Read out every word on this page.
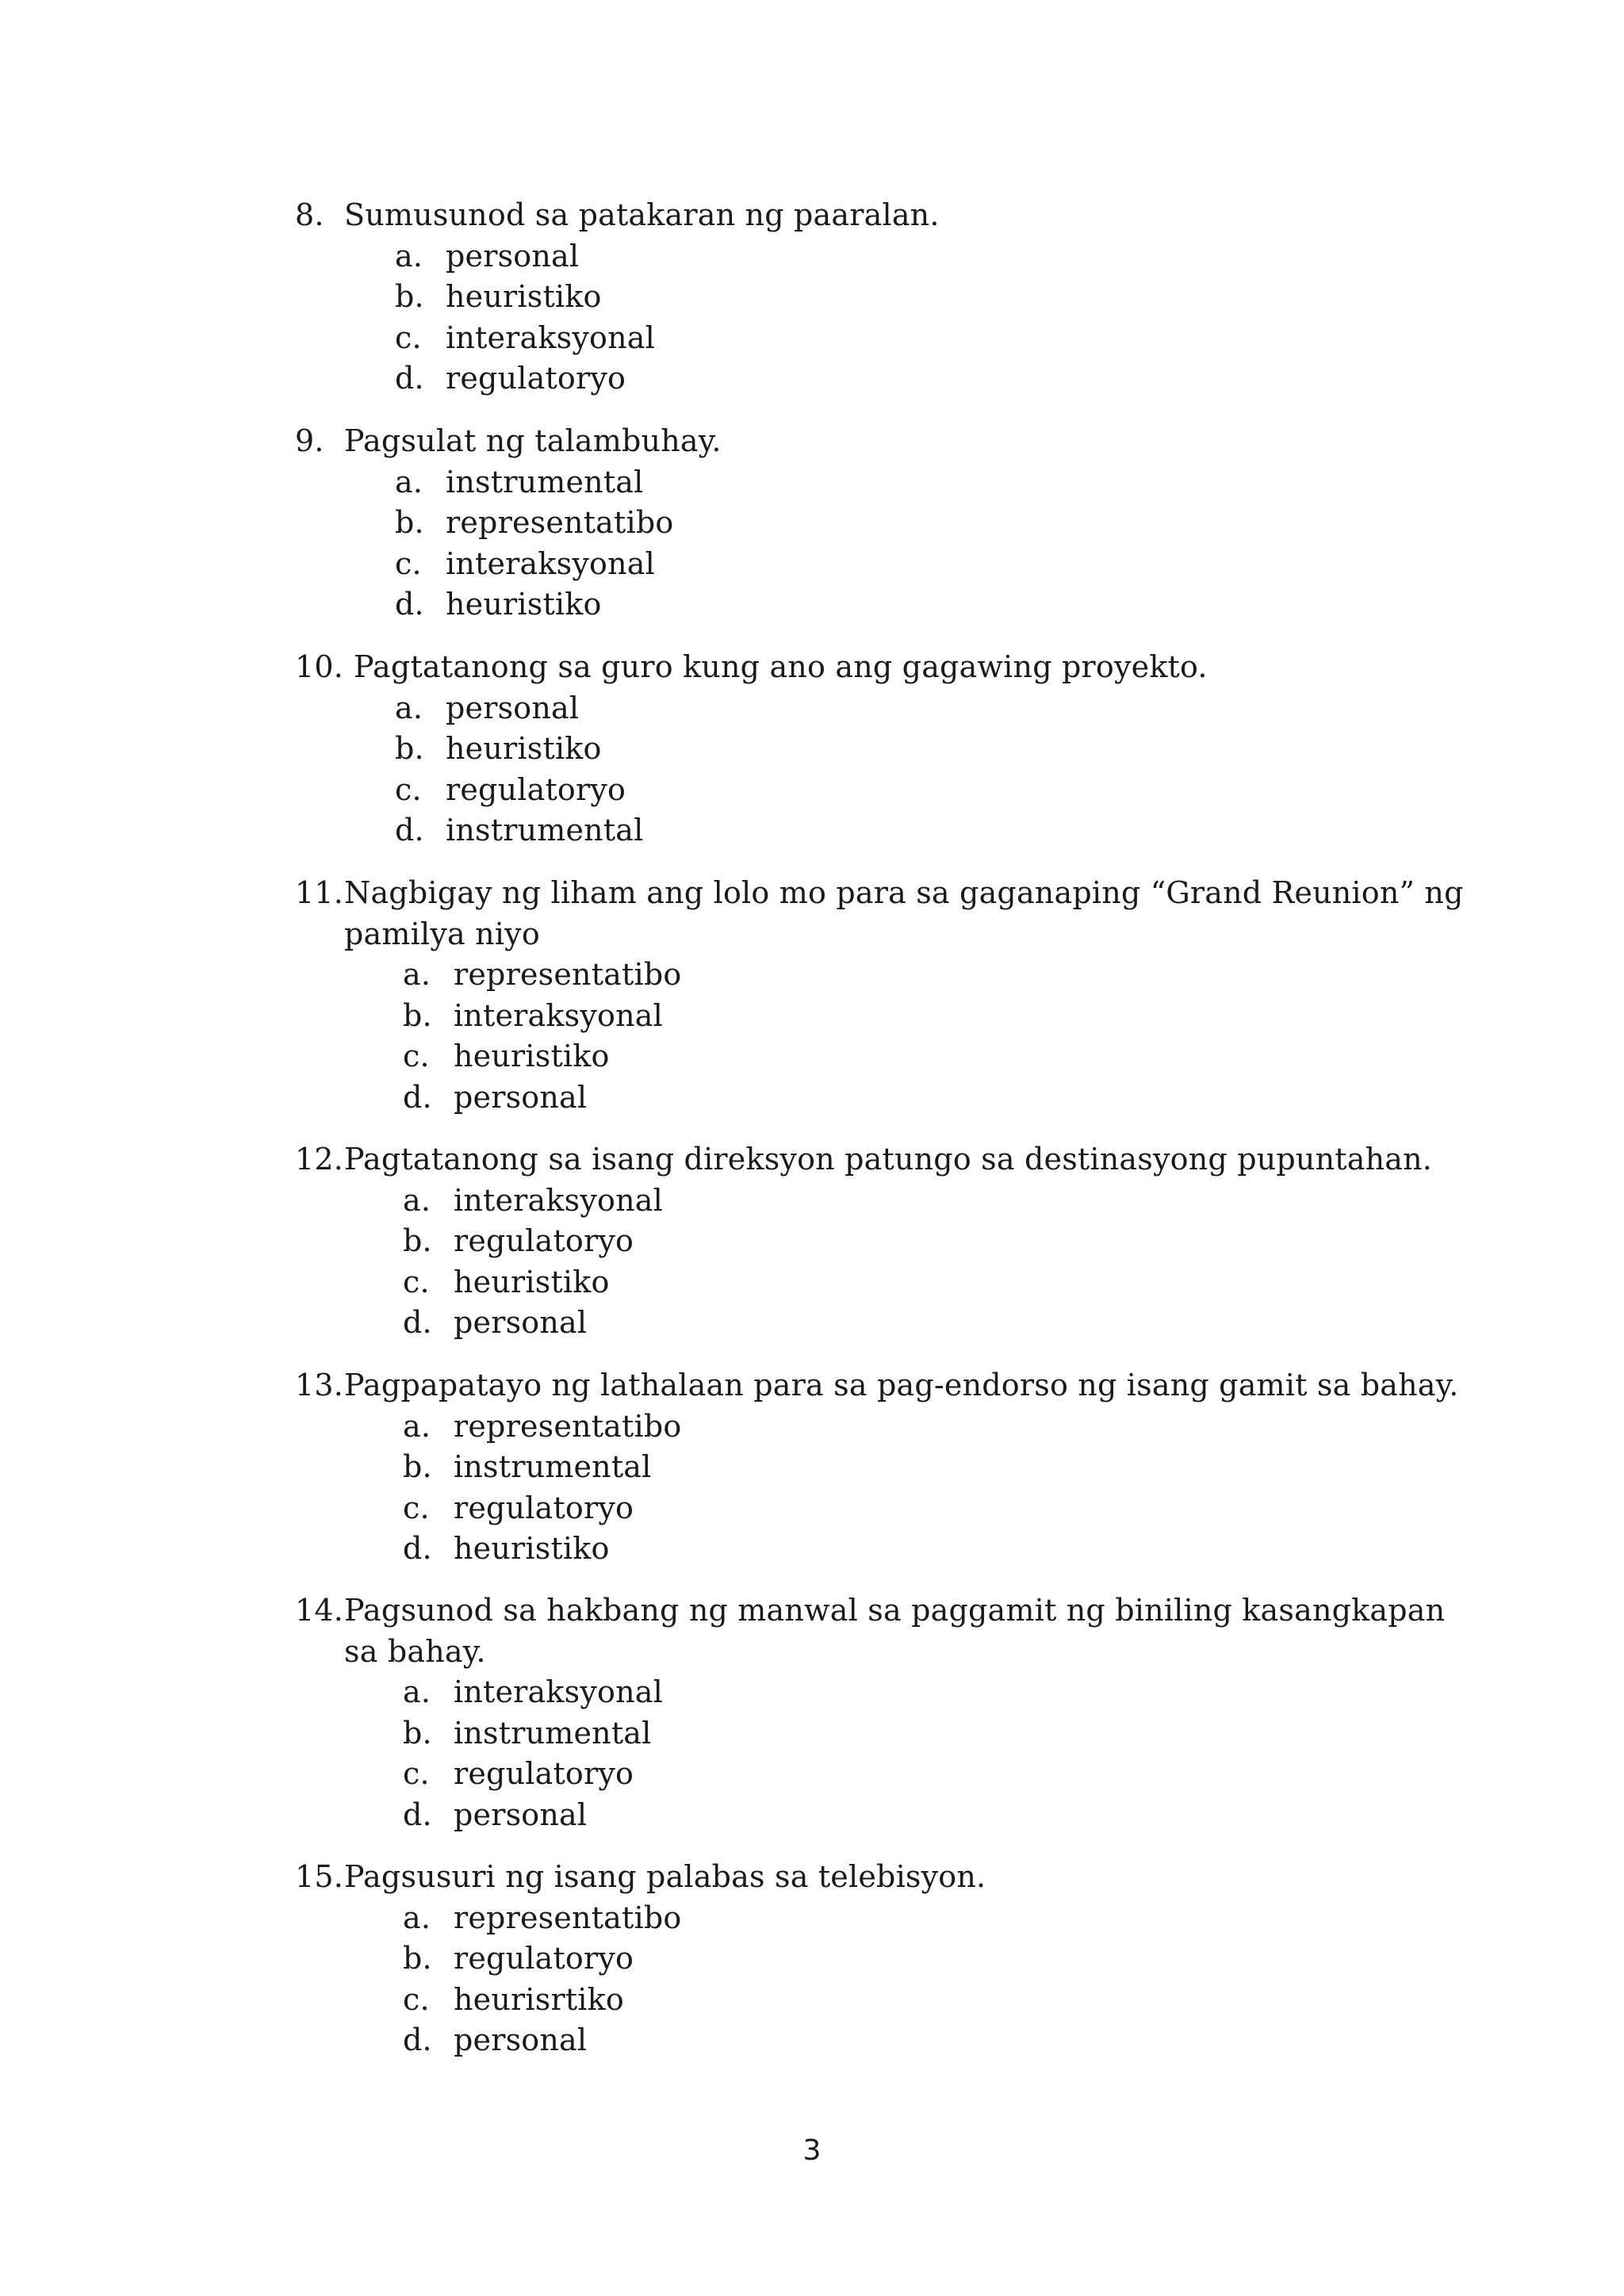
8. Sumusunod sa patakaran ng paaralan.
a. personal
b. heuristiko
c. interaksyonal
d. regulatoryo
9. Pagsulat ng talambuhay.
a. instrumental
b. representatibo
c. interaksyonal
d. heuristiko
10. Pagtatanong sa guro kung ano ang gagawing proyekto.
a. personal
b. heuristiko
c. regulatoryo
d. instrumental
11.Nagbigay ng liham ang lolo mo para sa gaganaping “Grand Reunion” ng
pamilya niyo
a. representatibo
b. interaksyonal
c. heuristiko
d. personal
12.Pagtatanong sa isang direksyon patungo sa destinasyong pupuntahan.
a. interaksyonal
b. regulatoryo
c. heuristiko
d. personal
13.Pagpapatayo ng lathalaan para sa pag-endorso ng isang gamit sa bahay.
a. representatibo
b. instrumental
c. regulatoryo
d. heuristiko
14.Pagsunod sa hakbang ng manwal sa paggamit ng biniling kasangkapan
sa bahay.
a. interaksyonal
b. instrumental
c. regulatoryo
d. personal
15.Pagsusuri ng isang palabas sa telebisyon.
a. representatibo
b. regulatoryo
c. heurisrtiko
d. personal
3
